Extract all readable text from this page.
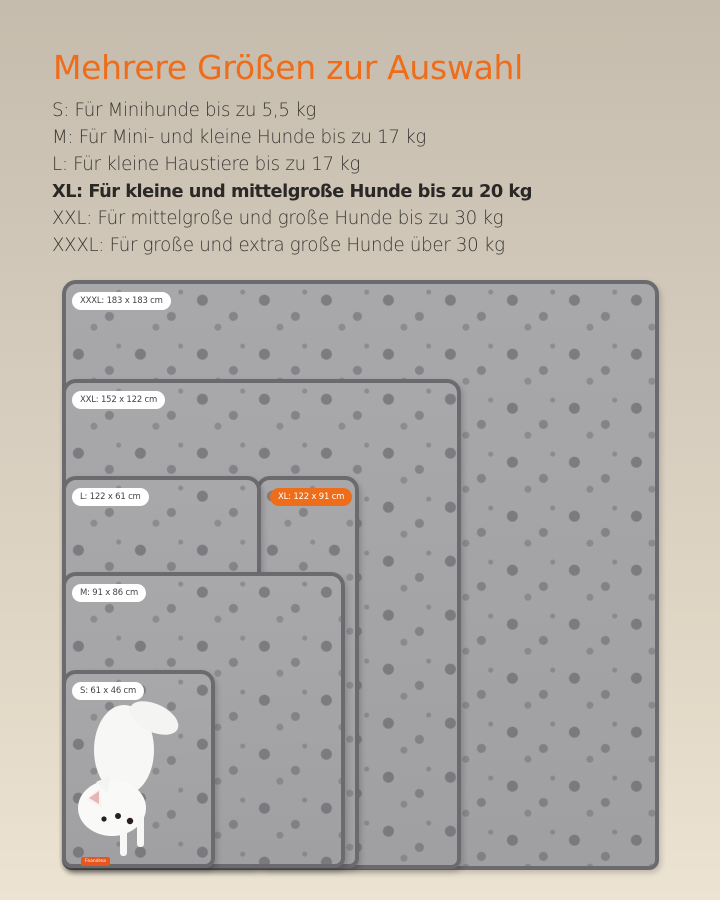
Mehrere Größen zur Auswahl
S: Für Minihunde bis zu 5,5 kg
M: Für Mini- und kleine Hunde bis zu 17 kg
L: Für kleine Haustiere bis zu 17 kg
XL: Für kleine und mittelgroße Hunde bis zu 20 kg
XXL: Für mittelgroße und große Hunde bis zu 30 kg
XXXL: Für große und extra große Hunde über 30 kg
XXXL: 183 x 183 cm
XXL: 152 x 122 cm
XL: 122 x 91 cm
L: 122 x 61 cm
M: 91 x 86 cm
S: 61 x 46 cm
Feandrea
